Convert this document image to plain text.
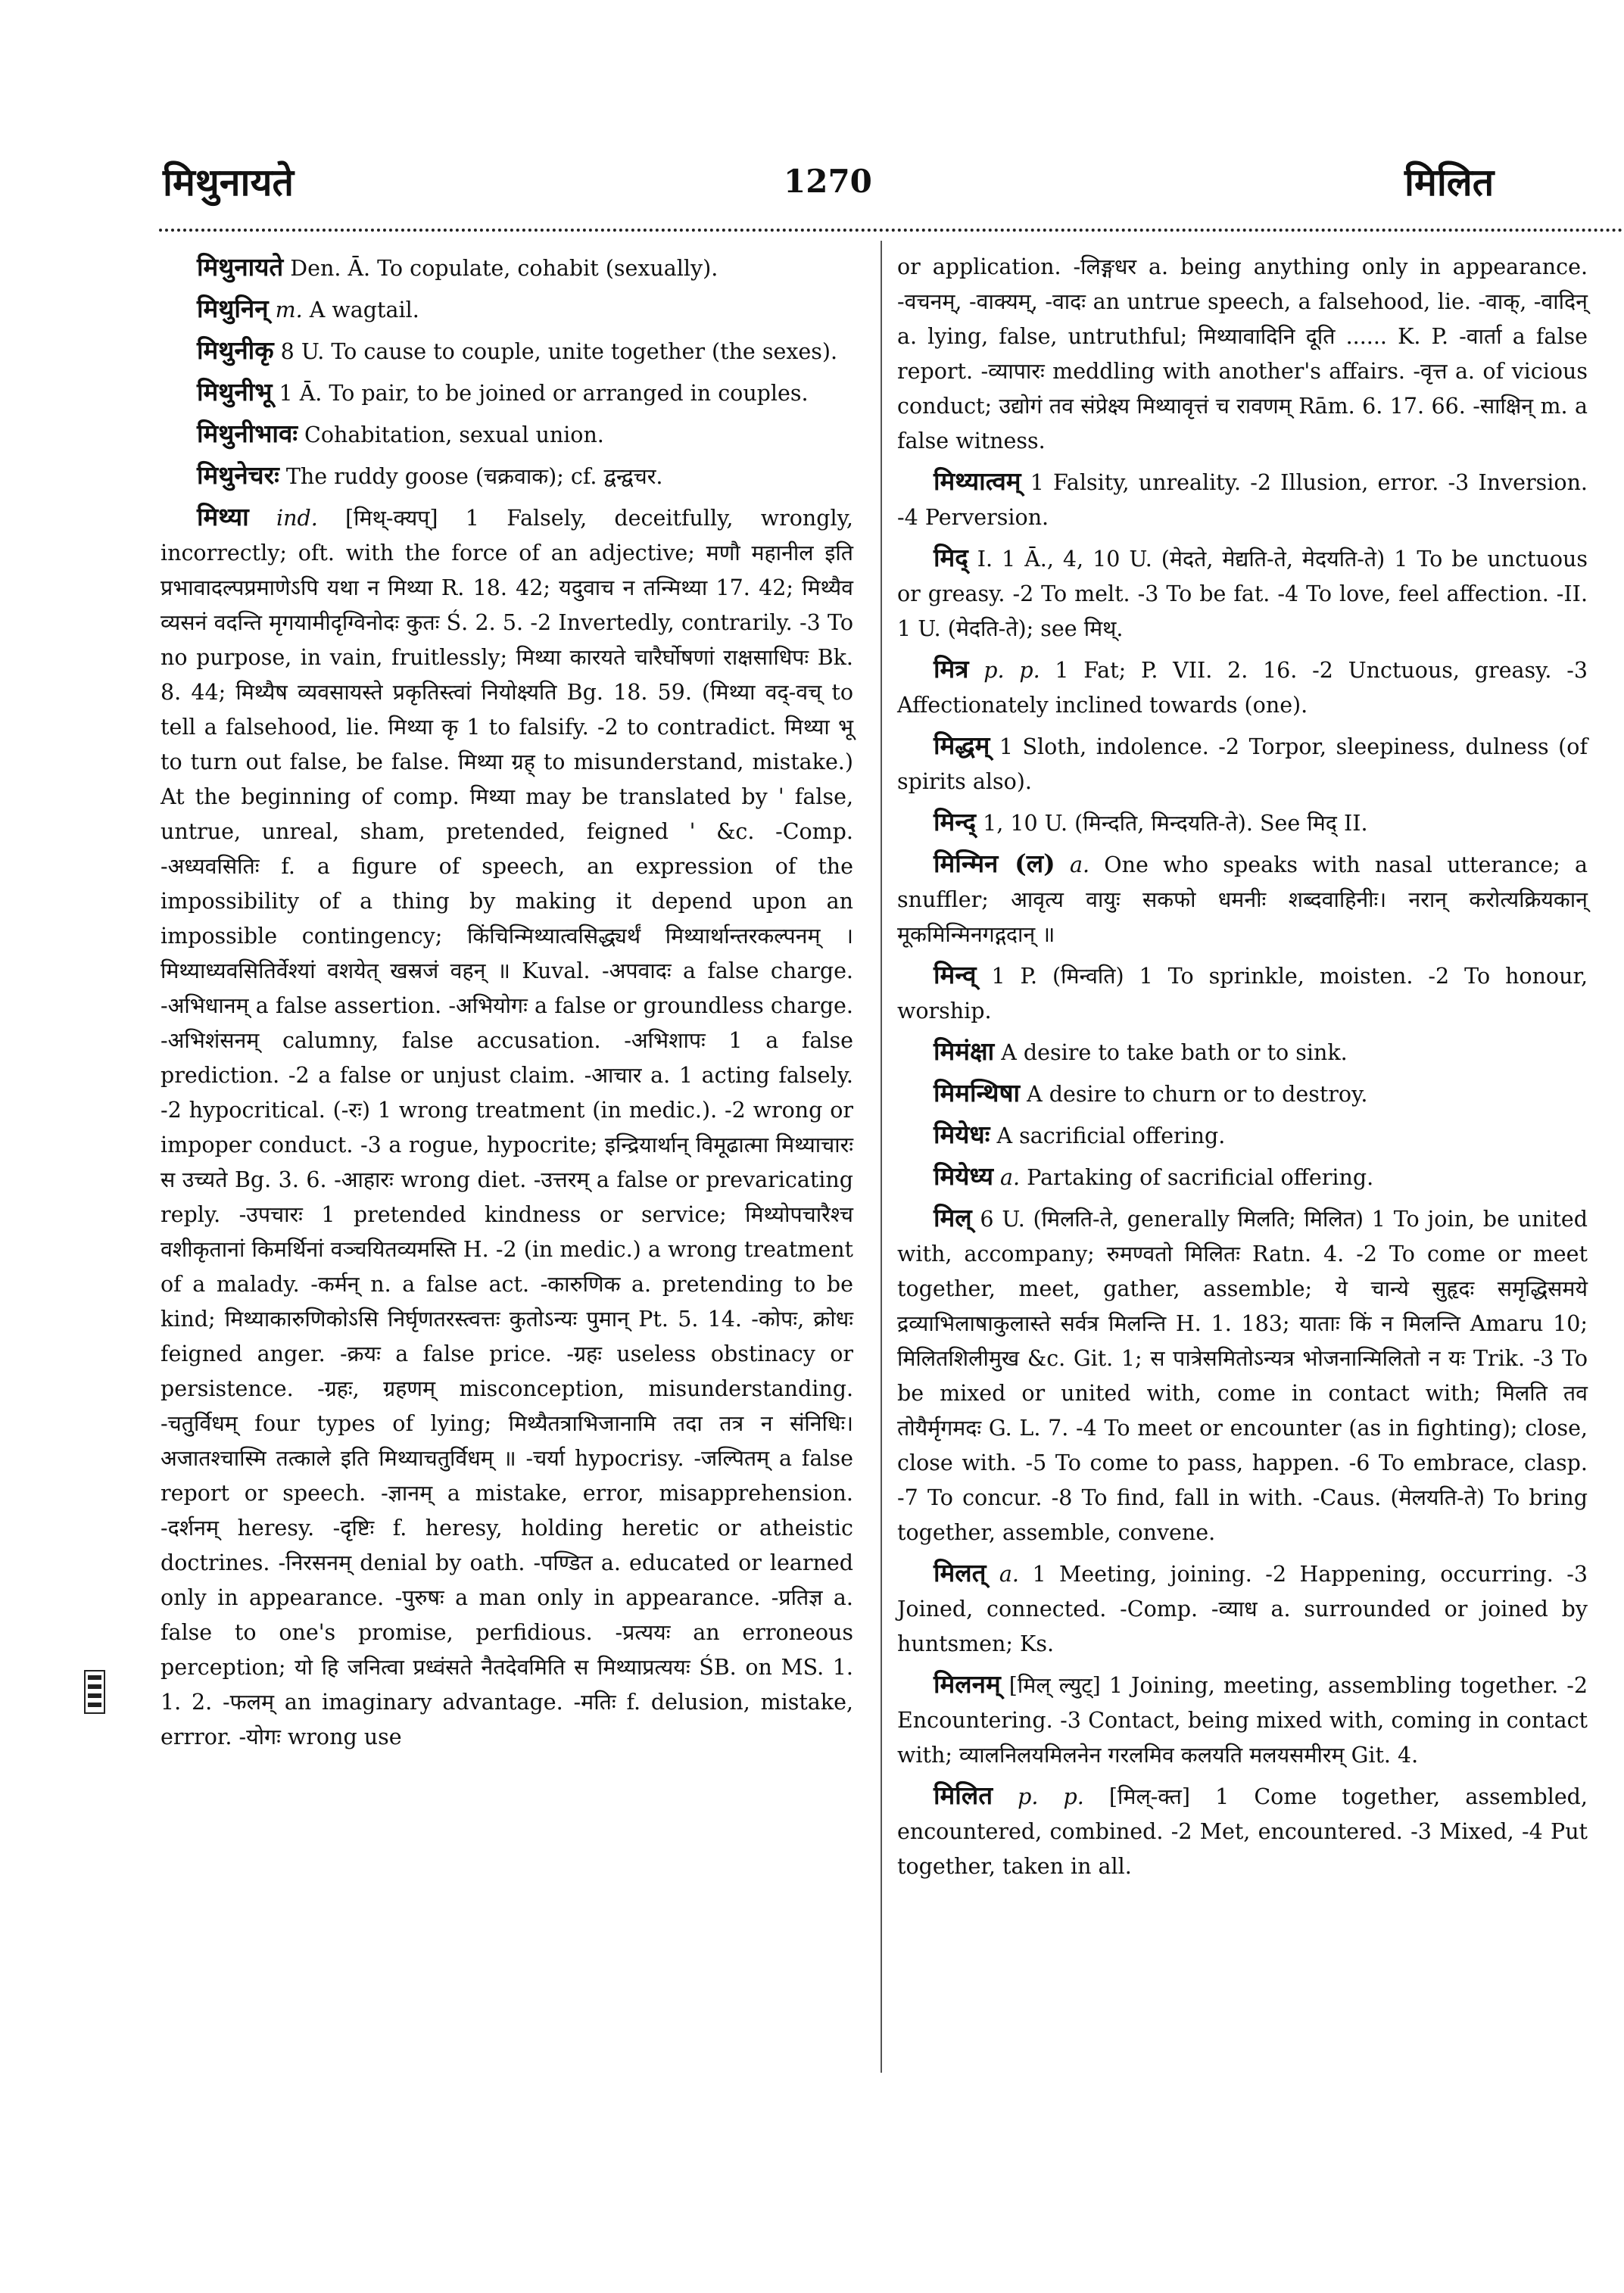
मिथुनायते	1270	मिलित

मिथुनायते Den. Ā. To copulate, cohabit (sexually).

मिथुनिन् m. A wagtail.

मिथुनीकृ 8 U. To cause to couple, unite together (the sexes).

मिथुनीभू 1 Ā. To pair, to be joined or arranged in couples.

मिथुनीभावः Cohabitation, sexual union.

मिथुनेचरः The ruddy goose (चक्रवाक); cf. द्वन्द्वचर.

मिथ्या ind. [मिथ्-क्यप्] 1 Falsely, deceitfully, wrongly, incorrectly; oft. with the force of an adjective; मणौ महानील इति प्रभावादल्पप्रमाणेऽपि यथा न मिथ्या R. 18. 42; यदुवाच न तन्मिथ्या 17. 42; मिथ्यैव व्यसनं वदन्ति मृगयामीदृग्विनोदः कुतः Ś. 2. 5. -2 Invertedly, contrarily. -3 To no purpose, in vain, fruitlessly; मिथ्या कारयते चारैर्घोषणां राक्षसाधिपः Bk. 8. 44; मिथ्यैष व्यवसायस्ते प्रकृतिस्त्वां नियोक्ष्यति Bg. 18. 59. (मिथ्या वद्-वच् to tell a falsehood, lie. मिथ्या कृ 1 to falsify. -2 to contradict. मिथ्या भू to turn out false, be false. मिथ्या ग्रह् to misunderstand, mistake.) At the beginning of comp. मिथ्या may be translated by ' false, untrue, unreal, sham, pretended, feigned ' &c. -Comp. -अध्यवसितिः f. a figure of speech, an expression of the impossibility of a thing by making it depend upon an impossible contingency; किंचिन्मिथ्यात्वसिद्ध्यर्थं मिथ्यार्थान्तरकल्पनम् । मिथ्याध्यवसितिर्वेश्यां वशयेत् खस्रजं वहन् ॥ Kuval. -अपवादः a false charge. -अभिधानम् a false assertion. -अभियोगः a false or groundless charge. -अभिशंसनम् calumny, false accusation. -अभिशापः 1 a false prediction. -2 a false or unjust claim. -आचार a. 1 acting falsely. -2 hypocritical. (-रः) 1 wrong treatment (in medic.). -2 wrong or impoper conduct. -3 a rogue, hypocrite; इन्द्रियार्थान् विमूढात्मा मिथ्याचारः स उच्यते Bg. 3. 6. -आहारः wrong diet. -उत्तरम् a false or prevaricating reply. -उपचारः 1 pretended kindness or service; मिथ्योपचारैश्च वशीकृतानां किमर्थिनां वञ्चयितव्यमस्ति H. -2 (in medic.) a wrong treatment of a malady. -कर्मन् n. a false act. -कारुणिक a. pretending to be kind; मिथ्याकारुणिकोऽसि निर्घृणतरस्त्वत्तः कुतोऽन्यः पुमान् Pt. 5. 14. -कोपः, क्रोधः feigned anger. -क्रयः a false price. -ग्रहः useless obstinacy or persistence. -ग्रहः, ग्रहणम् misconception, misunderstanding. -चतुर्विधम् four types of lying; मिथ्यैतत्राभिजानामि तदा तत्र न संनिधिः। अजातश्चास्मि तत्काले इति मिथ्याचतुर्विधम् ॥ -चर्या hypocrisy. -जल्पितम् a false report or speech. -ज्ञानम् a mistake, error, misapprehension. -दर्शनम् heresy. -दृष्टिः f. heresy, holding heretic or atheistic doctrines. -निरसनम् denial by oath. -पण्डित a. educated or learned only in appearance. -पुरुषः a man only in appearance. -प्रतिज्ञ a. false to one's promise, perfidious. -प्रत्ययः an erroneous perception; यो हि जनित्वा प्रध्वंसते नैतदेवमिति स मिथ्याप्रत्ययः ŚB. on MS. 1. 1. 2. -फलम् an imaginary advantage. -मतिः f. delusion, mistake, errror. -योगः wrong use

or application. -लिङ्गधर a. being anything only in appearance. -वचनम्, -वाक्यम्, -वादः an untrue speech, a falsehood, lie. -वाक्, -वादिन् a. lying, false, untruthful; मिथ्यावादिनि दूति ...... K. P. -वार्ता a false report. -व्यापारः meddling with another's affairs. -वृत्त a. of vicious conduct; उद्योगं तव संप्रेक्ष्य मिथ्यावृत्तं च रावणम् Rām. 6. 17. 66. -साक्षिन् m. a false witness.

मिथ्यात्वम् 1 Falsity, unreality. -2 Illusion, error. -3 Inversion. -4 Perversion.

मिद् I. 1 Ā., 4, 10 U. (मेदते, मेद्यति-ते, मेदयति-ते) 1 To be unctuous or greasy. -2 To melt. -3 To be fat. -4 To love, feel affection. -II. 1 U. (मेदति-ते); see मिथ्.

मित्र p. p. 1 Fat; P. VII. 2. 16. -2 Unctuous, greasy. -3 Affectionately inclined towards (one).

मिद्धम् 1 Sloth, indolence. -2 Torpor, sleepiness, dulness (of spirits also).

मिन्द् 1, 10 U. (मिन्दति, मिन्दयति-ते). See मिद् II.

मिन्मिन (ल) a. One who speaks with nasal utterance; a snuffler; आवृत्य वायुः सकफो धमनीः शब्दवाहिनीः। नरान् करोत्यक्रियकान् मूकमिन्मिनगद्गदान् ॥

मिन्व् 1 P. (मिन्वति) 1 To sprinkle, moisten. -2 To honour, worship.

मिमंक्षा A desire to take bath or to sink.

मिमन्थिषा A desire to churn or to destroy.

मियेधः A sacrificial offering.

मियेध्य a. Partaking of sacrificial offering.

मिल् 6 U. (मिलति-ते, generally मिलति; मिलित) 1 To join, be united with, accompany; रुमण्वतो मिलितः Ratn. 4. -2 To come or meet together, meet, gather, assemble; ये चान्ये सुहृदः समृद्धिसमये द्रव्याभिलाषाकुलास्ते सर्वत्र मिलन्ति H. 1. 183; याताः किं न मिलन्ति Amaru 10; मिलितशिलीमुख &c. Git. 1; स पात्रेसमितोऽन्यत्र भोजनान्मिलितो न यः Trik. -3 To be mixed or united with, come in contact with; मिलति तव तोयैर्मृगमदः G. L. 7. -4 To meet or encounter (as in fighting); close, close with. -5 To come to pass, happen. -6 To embrace, clasp. -7 To concur. -8 To find, fall in with. -Caus. (मेलयति-ते) To bring together, assemble, convene.

मिलत् a. 1 Meeting, joining. -2 Happening, occurring. -3 Joined, connected. -Comp. -व्याध a. surrounded or joined by huntsmen; Ks.

मिलनम् [मिल् ल्युट्] 1 Joining, meeting, assembling together. -2 Encountering. -3 Contact, being mixed with, coming in contact with; व्यालनिलयमिलनेन गरलमिव कलयति मलयसमीरम् Git. 4.

मिलित p. p. [मिल्-क्त] 1 Come together, assembled, encountered, combined. -2 Met, encountered. -3 Mixed, -4 Put together, taken in all.
